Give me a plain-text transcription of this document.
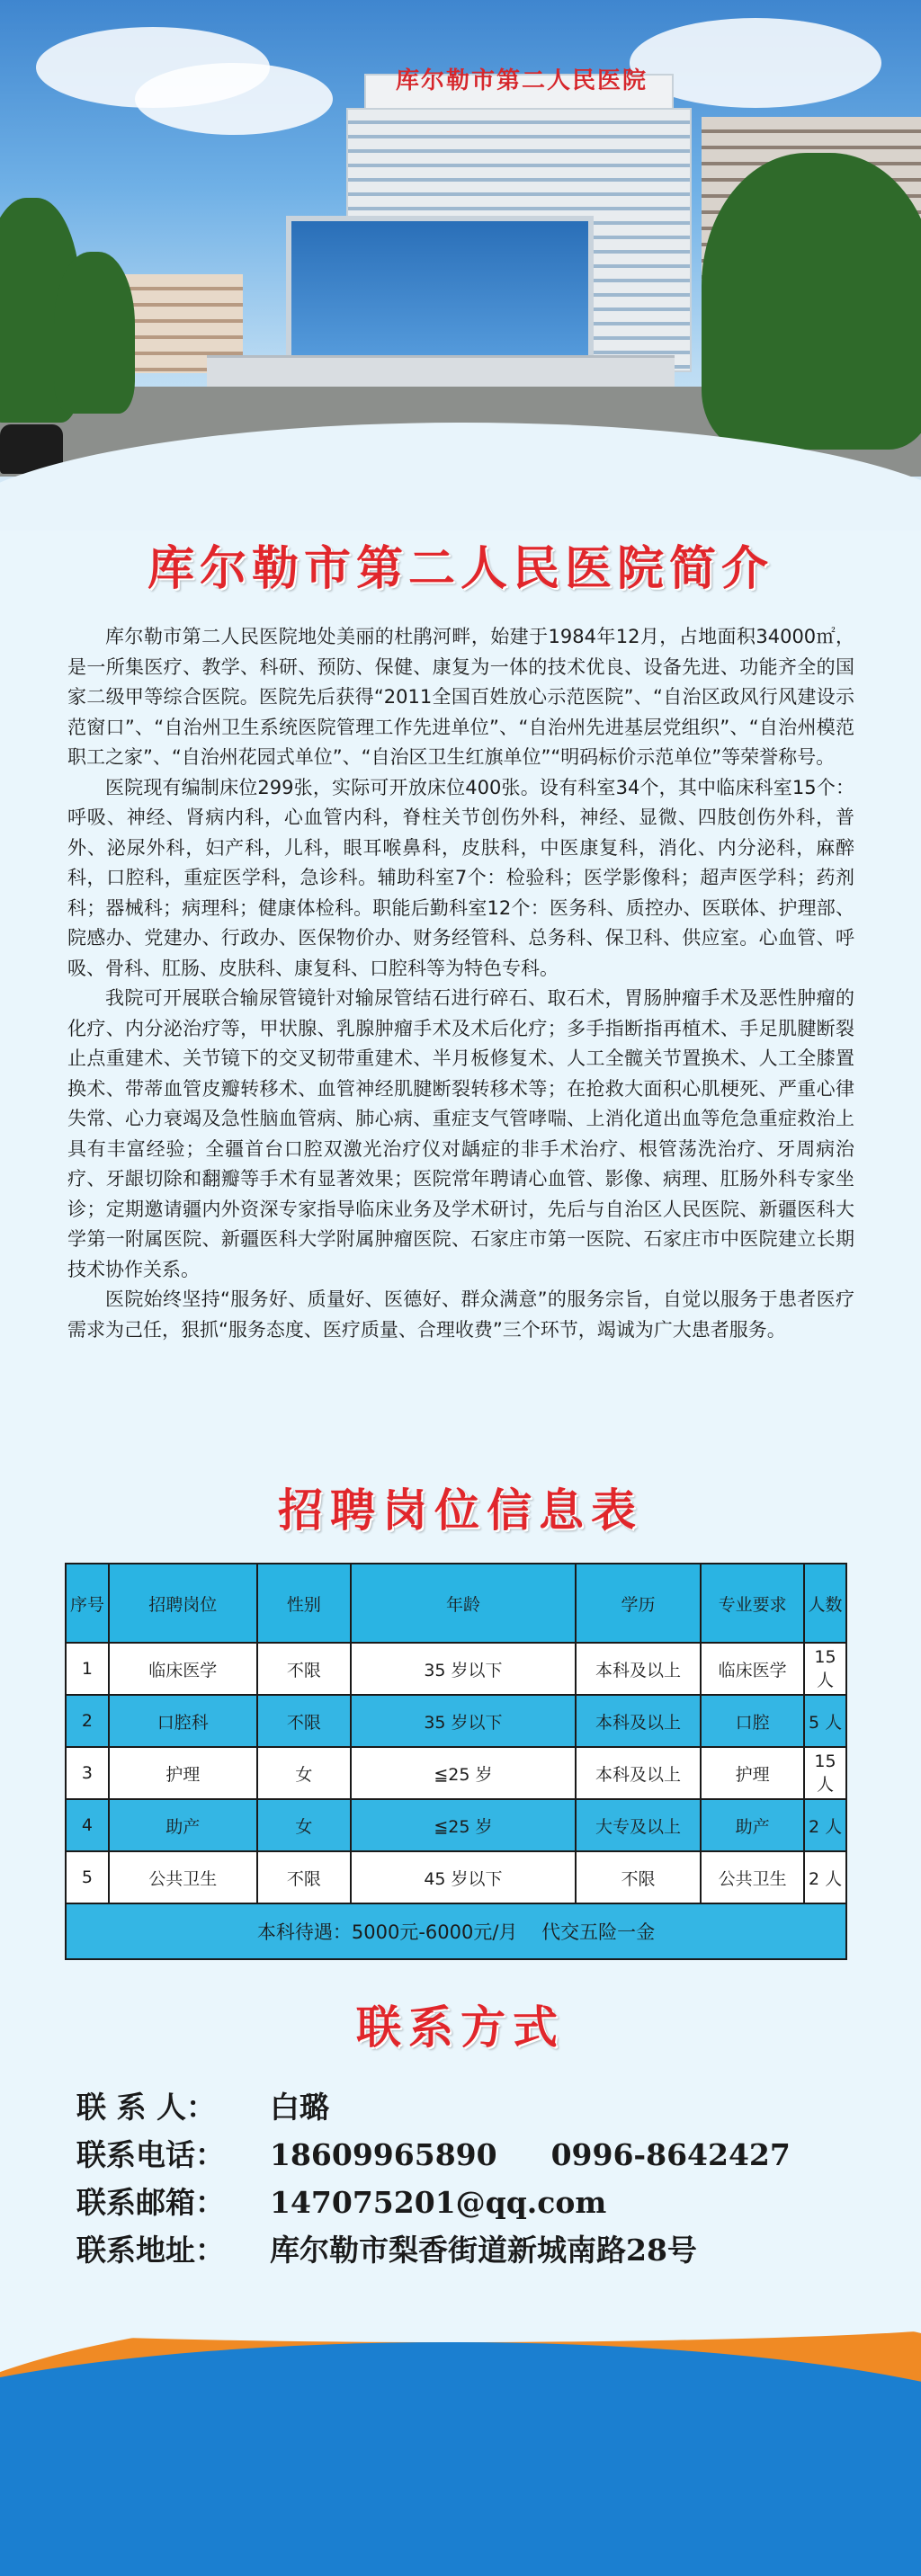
库尔勒市第二人民医院
库尔勒市第二人民医院简介

库尔勒市第二人民医院地处美丽的杜鹃河畔，始建于1984年12月，占地面积34000㎡，是一所集医疗、教学、科研、预防、保健、康复为一体的技术优良、设备先进、功能齐全的国家二级甲等综合医院。医院先后获得“2011全国百姓放心示范医院”、“自治区政风行风建设示范窗口”、“自治州卫生系统医院管理工作先进单位”、“自治州先进基层党组织”、“自治州模范职工之家”、“自治州花园式单位”、“自治区卫生红旗单位”“明码标价示范单位”等荣誉称号。

医院现有编制床位299张，实际可开放床位400张。设有科室34个，其中临床科室15个：呼吸、神经、肾病内科，心血管内科，脊柱关节创伤外科，神经、显微、四肢创伤外科，普外、泌尿外科，妇产科，儿科，眼耳喉鼻科，皮肤科，中医康复科，消化、内分泌科，麻醉科，口腔科，重症医学科，急诊科。辅助科室7个：检验科；医学影像科；超声医学科；药剂科；器械科；病理科；健康体检科。职能后勤科室12个：医务科、质控办、医联体、护理部、院感办、党建办、行政办、医保物价办、财务经管科、总务科、保卫科、供应室。心血管、呼吸、骨科、肛肠、皮肤科、康复科、口腔科等为特色专科。

我院可开展联合输尿管镜针对输尿管结石进行碎石、取石术，胃肠肿瘤手术及恶性肿瘤的化疗、内分泌治疗等，甲状腺、乳腺肿瘤手术及术后化疗；多手指断指再植术、手足肌腱断裂止点重建术、关节镜下的交叉韧带重建术、半月板修复术、人工全髋关节置换术、人工全膝置换术、带蒂血管皮瓣转移术、血管神经肌腱断裂转移术等；在抢救大面积心肌梗死、严重心律失常、心力衰竭及急性脑血管病、肺心病、重症支气管哮喘、上消化道出血等危急重症救治上具有丰富经验；全疆首台口腔双激光治疗仪对龋症的非手术治疗、根管荡洗治疗、牙周病治疗、牙龈切除和翻瓣等手术有显著效果；医院常年聘请心血管、影像、病理、肛肠外科专家坐诊；定期邀请疆内外资深专家指导临床业务及学术研讨，先后与自治区人民医院、新疆医科大学第一附属医院、新疆医科大学附属肿瘤医院、石家庄市第一医院、石家庄市中医院建立长期技术协作关系。

医院始终坚持“服务好、质量好、医德好、群众满意”的服务宗旨，自觉以服务于患者医疗需求为己任，狠抓“服务态度、医疗质量、合理收费”三个环节，竭诚为广大患者服务。

招聘岗位信息表
序号	招聘岗位	性别	年龄	学历	专业要求	人数
1	临床医学	不限	35 岁以下	本科及以上	临床医学	15 人
2	口腔科	不限	35 岁以下	本科及以上	口腔	5 人
3	护理	女	≦25 岁	本科及以上	护理	15 人
4	助产	女	≦25 岁	大专及以上	助产	2 人
5	公共卫生	不限	45 岁以下	不限	公共卫生	2 人
本科待遇：5000元-6000元/月    代交五险一金						
联系方式
联 系 人： 白璐
联系电话： 18609965890 0996-8642427
联系邮箱： 147075201@qq.com
联系地址： 库尔勒市梨香街道新城南路28号
